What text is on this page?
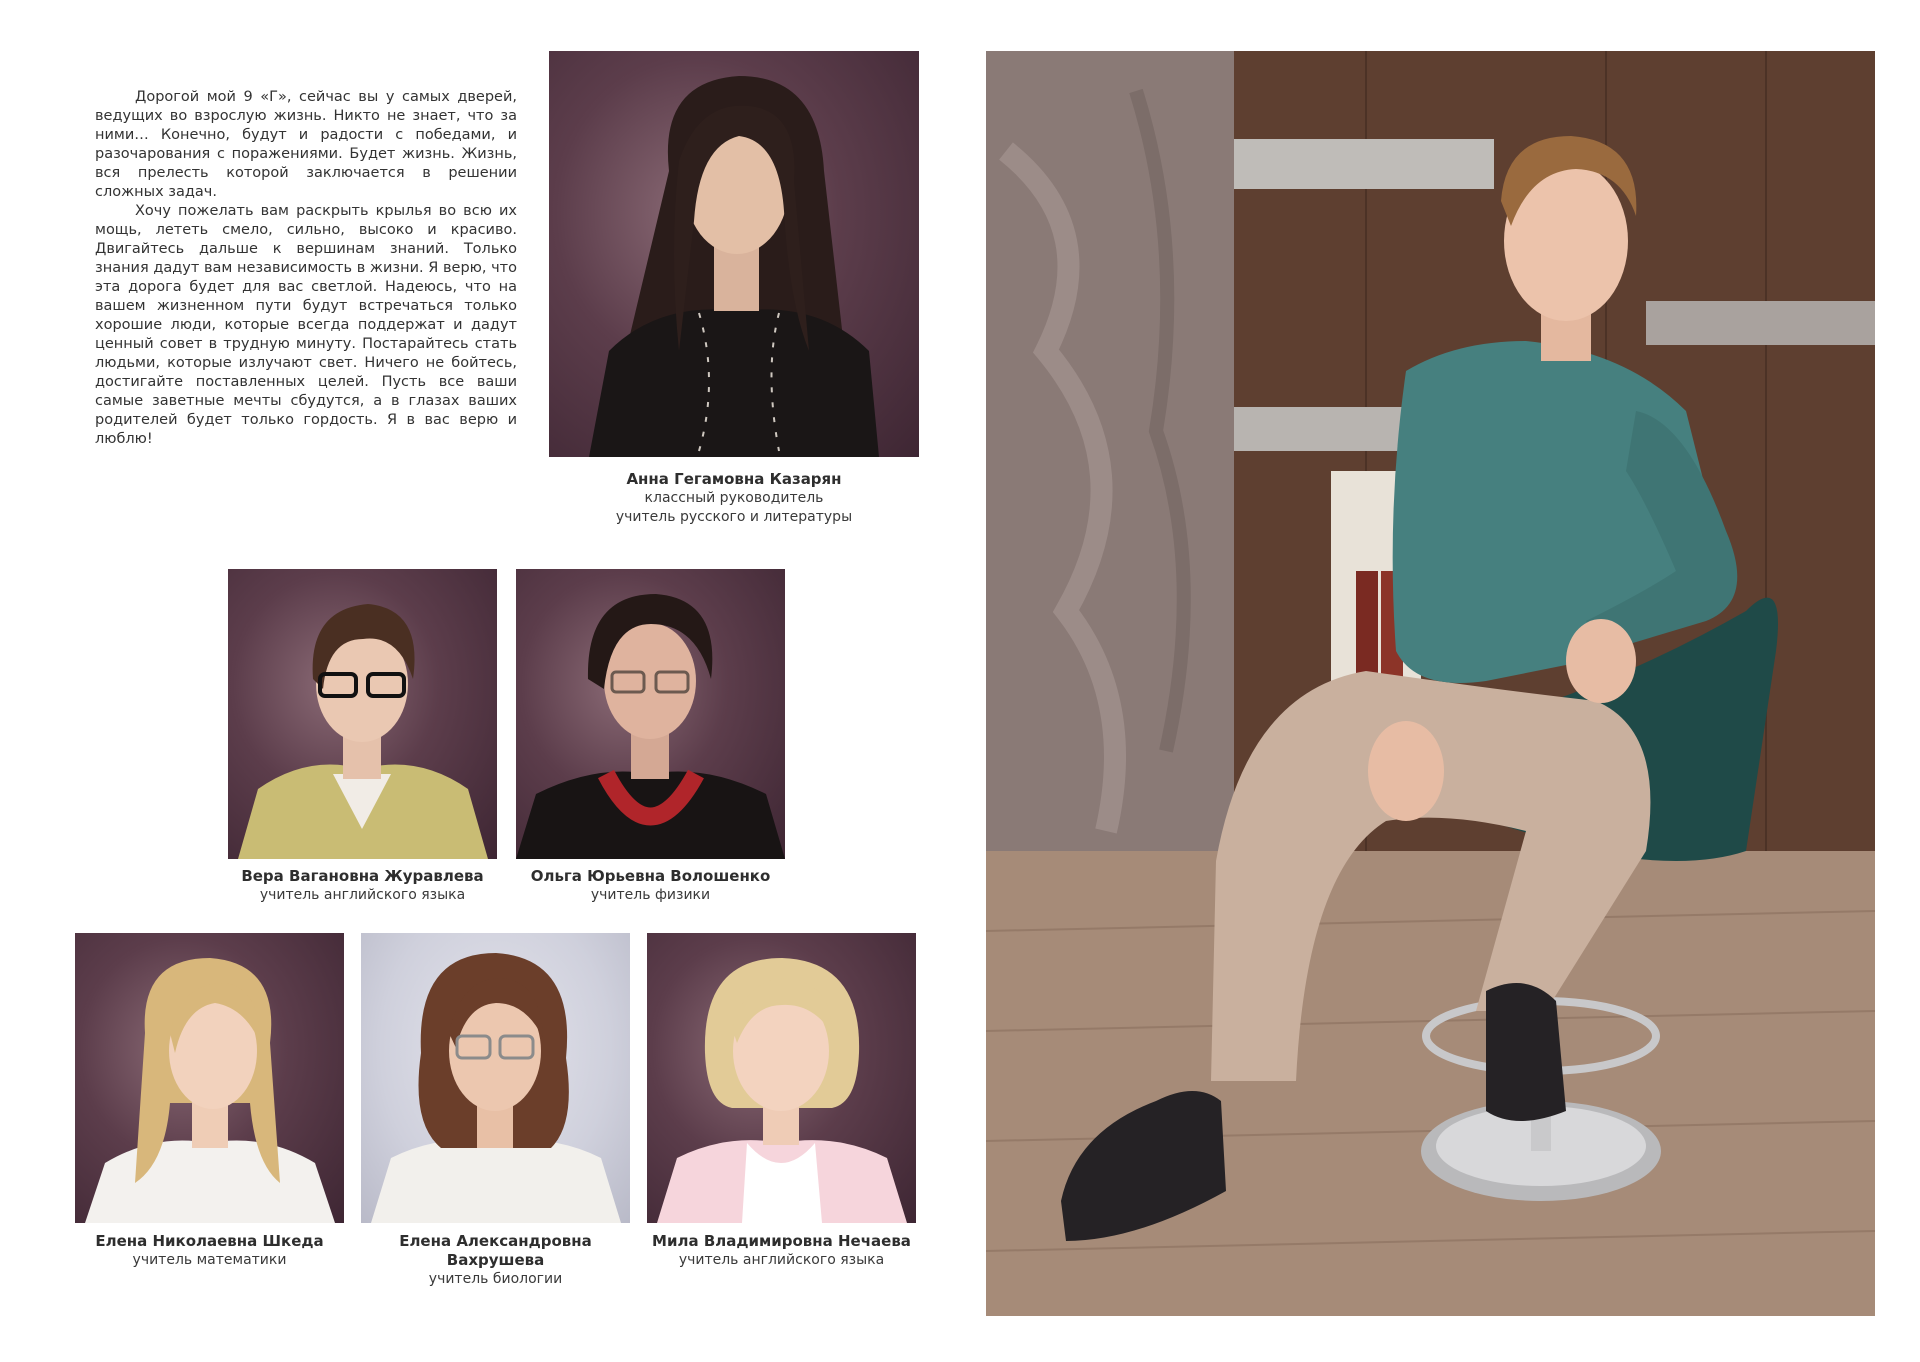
Дорогой мой 9 «Г», сейчас вы у самых дверей, ведущих во взрослую жизнь. Никто не знает, что за ними… Конечно, будут и радости с победами, и разочарования с поражениями. Будет жизнь. Жизнь, вся прелесть которой заключается в решении сложных задач.

Хочу пожелать вам раскрыть крылья во всю их мощь, лететь смело, сильно, высоко и красиво. Двигайтесь дальше к вершинам знаний. Только знания дадут вам независимость в жизни. Я верю, что эта дорога будет для вас светлой. Надеюсь, что на вашем жизненном пути будут встречаться только хорошие люди, которые всегда поддержат и дадут ценный совет в трудную минуту. Постарайтесь стать людьми, которые излучают свет. Ничего не бойтесь, достигайте поставленных целей. Пусть все ваши самые заветные мечты сбудутся, а в глазах ваших родителей будет только гордость. Я в вас верю и люблю!

Анна Гегамовна Казарян
классный руководитель
учитель русского и литературы
Вера Вагановна Журавлева
учитель английского языка
Ольга Юрьевна Волошенко
учитель физики
Елена Николаевна Шкеда
учитель математики
Елена Александровна Вахрушева
учитель биологии
Мила Владимировна Нечаева
учитель английского языка
